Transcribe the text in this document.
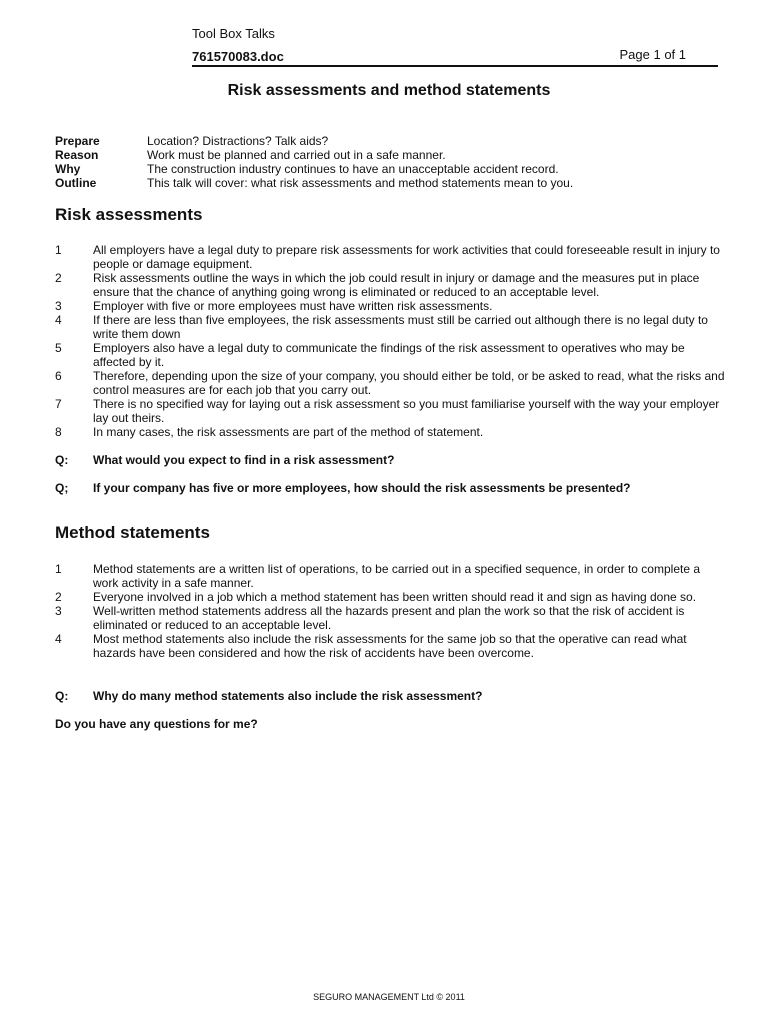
Tool Box Talks
761570083.doc	Page 1 of 1
Risk assessments and method statements
Prepare	Location? Distractions? Talk aids?
Reason	Work must be planned and carried out in a safe manner.
Why	The construction industry continues to have an unacceptable accident record.
Outline	This talk will cover: what risk assessments and method statements mean to you.
Risk assessments
1	All employers have a legal duty to prepare risk assessments for work activities that could foreseeable result in injury to people or damage equipment.
2	Risk assessments outline the ways in which the job could result in injury or damage and the measures put in place ensure that the chance of anything going wrong is eliminated or reduced to an acceptable level.
3	Employer with five or more employees must have written risk assessments.
4	If there are less than five employees, the risk assessments must still be carried out although there is no legal duty to write them down
5	Employers also have a legal duty to communicate the findings of the risk assessment to operatives who may be affected by it.
6	Therefore, depending upon the size of your company, you should either be told, or be asked to read, what the risks and control measures are for each job that you carry out.
7	There is no specified way for laying out a risk assessment so you must familiarise yourself with the way your employer lay out theirs.
8	In many cases, the risk assessments are part of the method of statement.
Q:	What would you expect to find in a risk assessment?
Q;	If your company has five or more employees, how should the risk assessments be presented?
Method statements
1	Method statements are a written list of operations, to be carried out in a specified sequence, in order to complete a work activity in a safe manner.
2	Everyone involved in a job which a method statement has been written should read it and sign as having done so.
3	Well-written method statements address all the hazards present and plan the work so that the risk of accident is eliminated or reduced to an acceptable level.
4	Most method statements also include the risk assessments for the same job so that the operative can read what hazards have been considered and how the risk of accidents have been overcome.
Q:	Why do many method statements also include the risk assessment?
Do you have any questions for me?
SEGURO MANAGEMENT Ltd © 2011
